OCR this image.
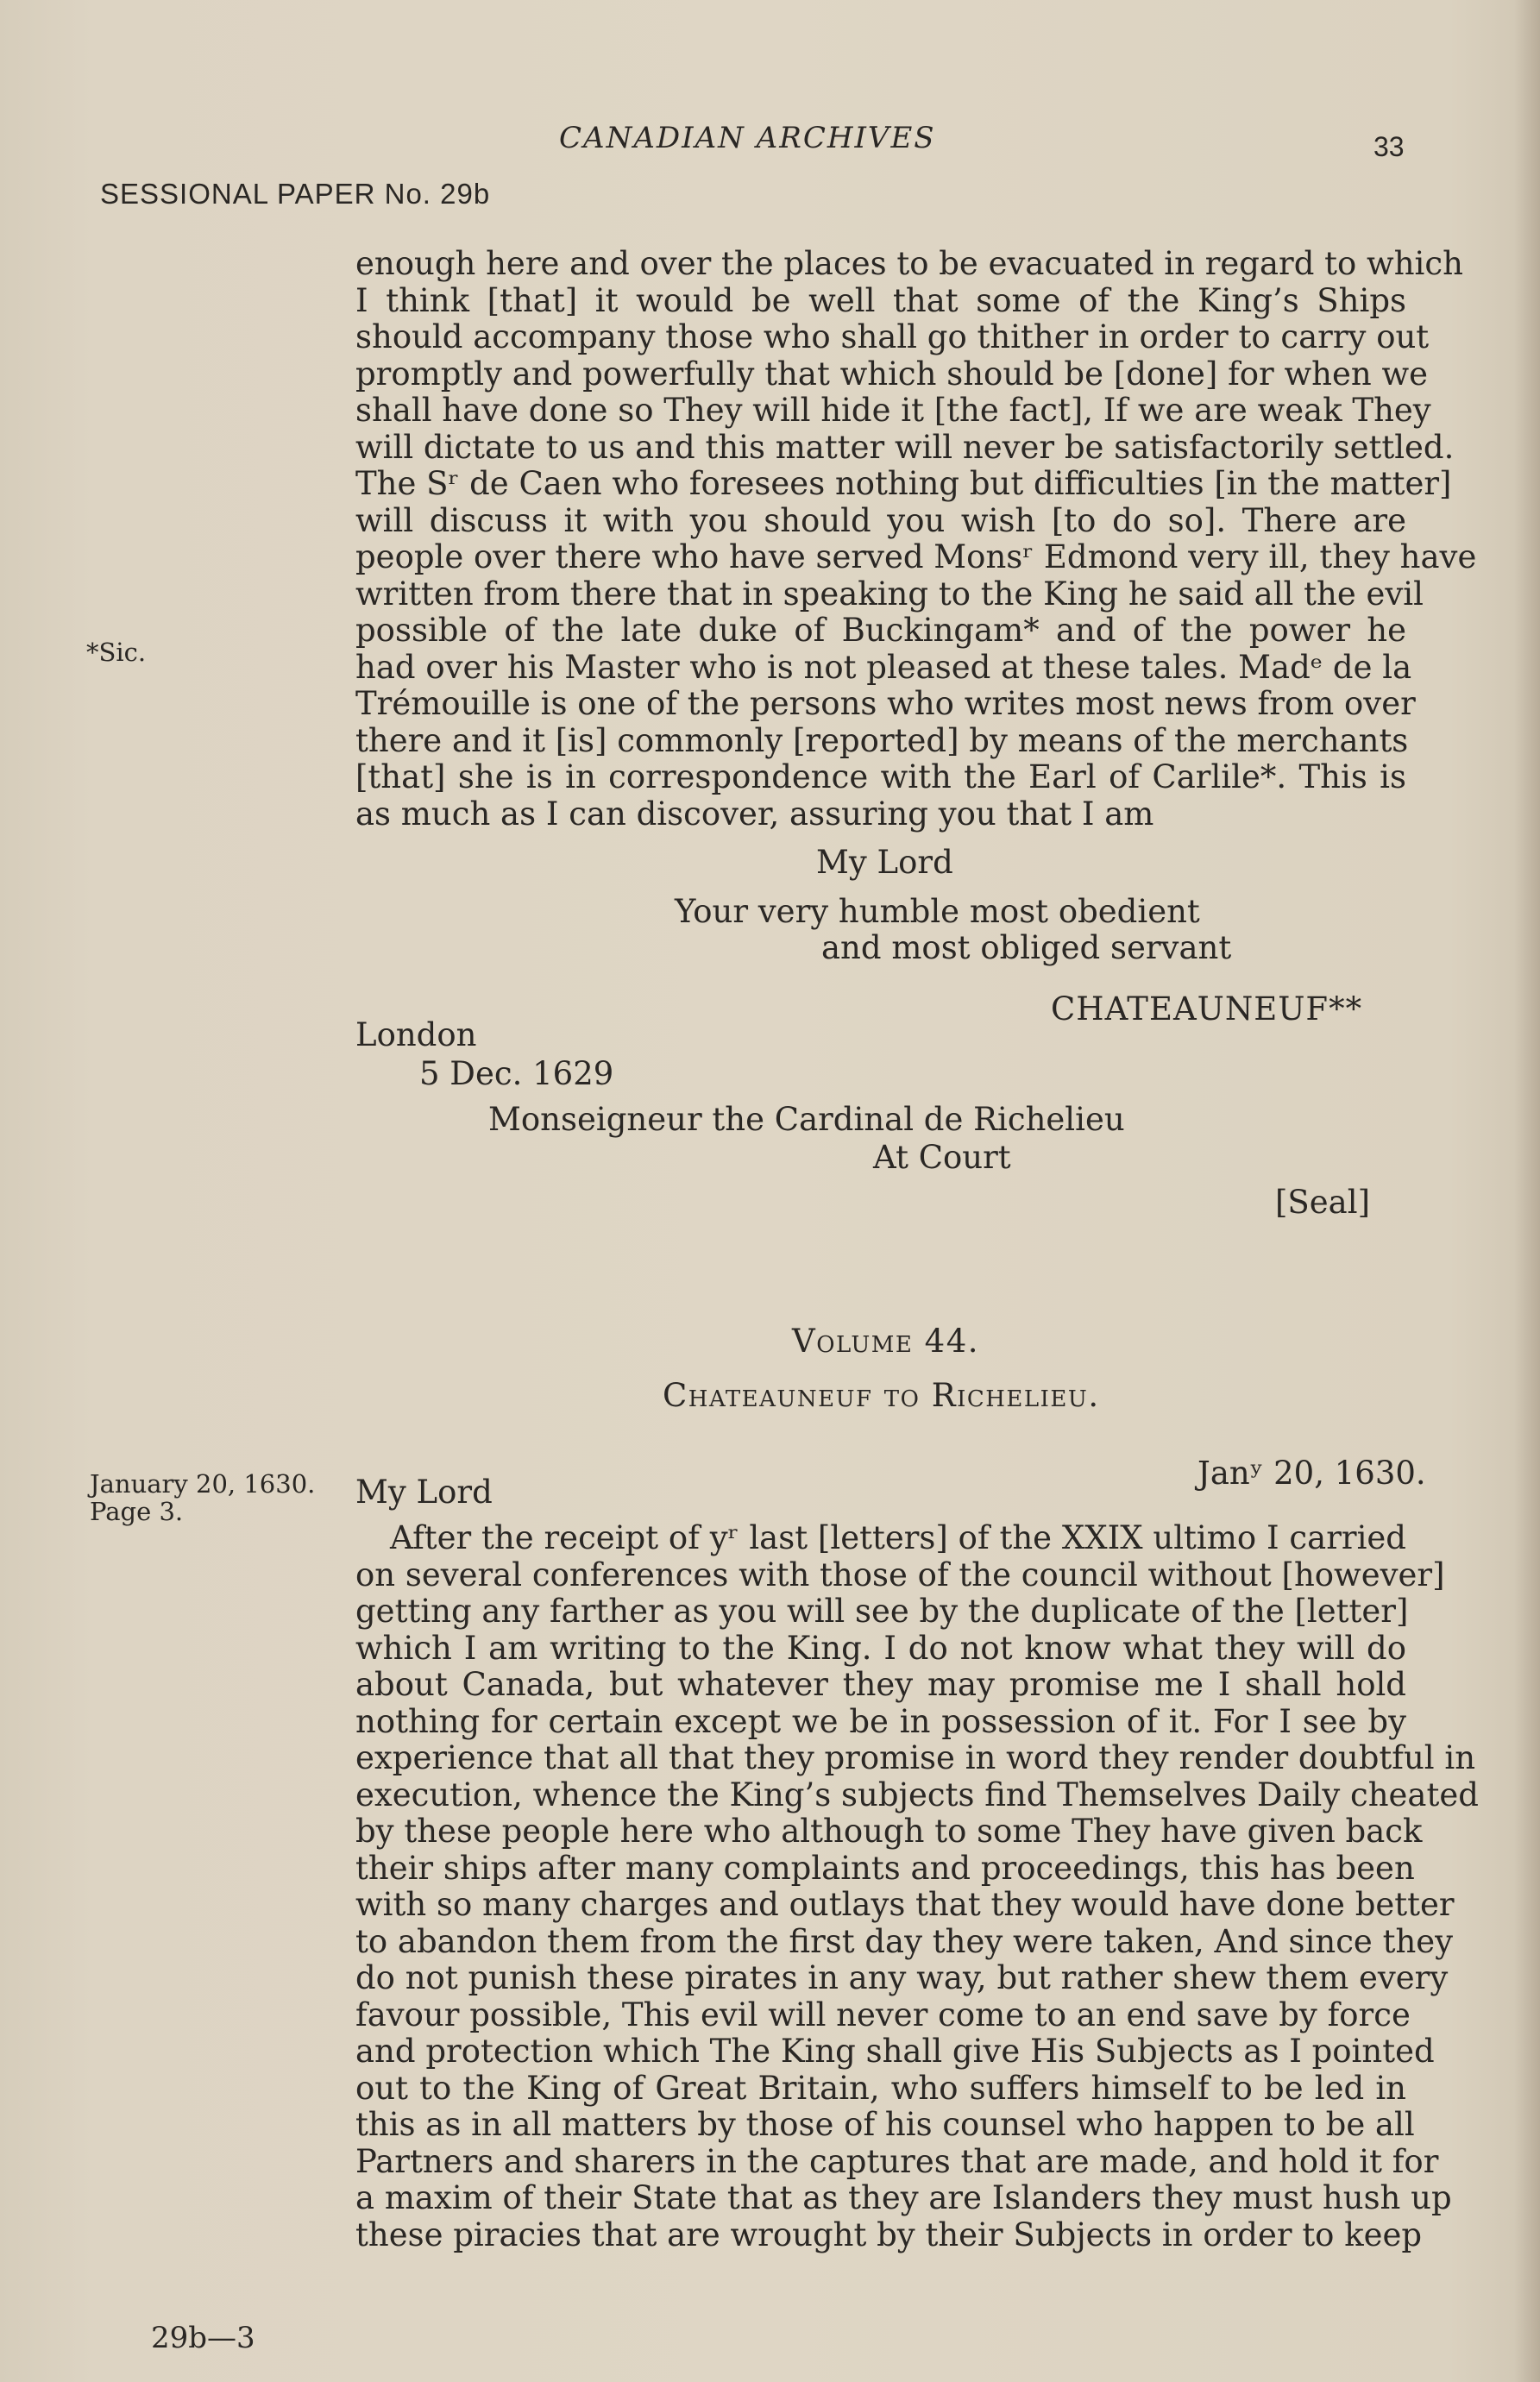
CANADIAN ARCHIVES	33
SESSIONAL PAPER No. 29b
enough here and over the places to be evacuated in regard to which
I think [that] it would be well that some of the King’s Ships
should accompany those who shall go thither in order to carry out
promptly and powerfully that which should be [done] for when we
shall have done so They will hide it [the fact], If we are weak They
will dictate to us and this matter will never be satisfactorily settled.
The Sʳ de Caen who foresees nothing but difficulties [in the matter]
will discuss it with you should you wish [to do so]. There are
people over there who have served Monsʳ Edmond very ill, they have
written from there that in speaking to the King he said all the evil
possible of the late duke of Buckingam* and of the power he
had over his Master who is not pleased at these tales. Madᵉ de la
Trémouille is one of the persons who writes most news from over
there and it [is] commonly [reported] by means of the merchants
[that] she is in correspondence with the Earl of Carlile*. This is
as much as I can discover, assuring you that I am
*Sic.
My Lord
Your very humble most obedient
and most obliged servant
CHATEAUNEUF**
London
5 Dec. 1629
Monseigneur the Cardinal de Richelieu
At Court
[Seal]
Volume 44.
Chateauneuf to Richelieu.
January 20, 1630.
Page 3.
My Lord
Janʸ 20, 1630.
After the receipt of yʳ last [letters] of the XXIX ultimo I carried
on several conferences with those of the council without [however]
getting any farther as you will see by the duplicate of the [letter]
which I am writing to the King. I do not know what they will do
about Canada, but whatever they may promise me I shall hold
nothing for certain except we be in possession of it. For I see by
experience that all that they promise in word they render doubtful in
execution, whence the King’s subjects find Themselves Daily cheated
by these people here who although to some They have given back
their ships after many complaints and proceedings, this has been
with so many charges and outlays that they would have done better
to abandon them from the first day they were taken, And since they
do not punish these pirates in any way, but rather shew them every
favour possible, This evil will never come to an end save by force
and protection which The King shall give His Subjects as I pointed
out to the King of Great Britain, who suffers himself to be led in
this as in all matters by those of his counsel who happen to be all
Partners and sharers in the captures that are made, and hold it for
a maxim of their State that as they are Islanders they must hush up
these piracies that are wrought by their Subjects in order to keep
29b—3
